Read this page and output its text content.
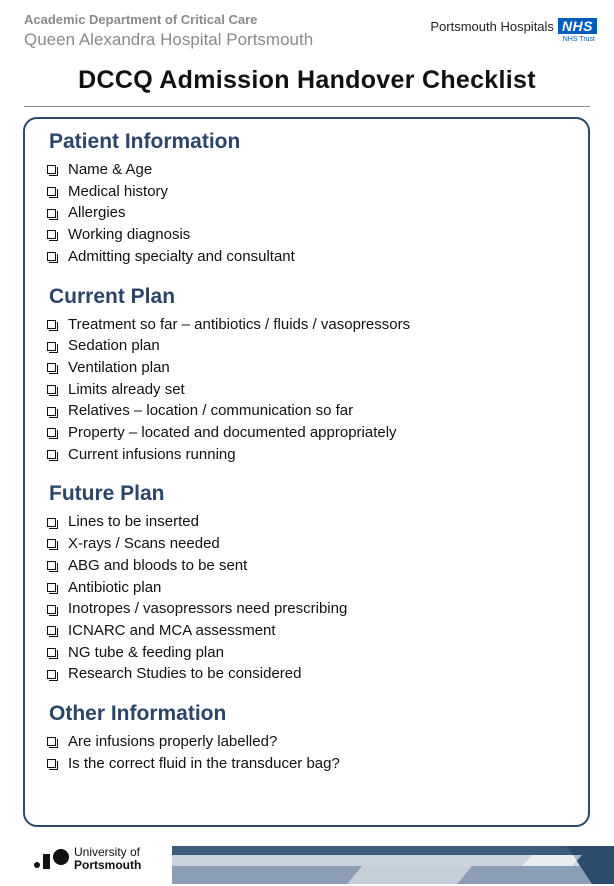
Academic Department of Critical Care
Queen Alexandra Hospital Portsmouth
Portsmouth Hospitals NHS
NHS Trust
DCCQ Admission Handover Checklist
Patient Information
Name & Age
Medical history
Allergies
Working diagnosis
Admitting specialty and consultant
Current Plan
Treatment so far – antibiotics / fluids / vasopressors
Sedation plan
Ventilation plan
Limits already set
Relatives – location / communication so far
Property – located and documented appropriately
Current infusions running
Future Plan
Lines to be inserted
X-rays / Scans needed
ABG and bloods to be sent
Antibiotic plan
Inotropes / vasopressors need prescribing
ICNARC and MCA assessment
NG tube & feeding plan
Research Studies to be considered
Other Information
Are infusions properly labelled?
Is the correct fluid in the transducer bag?
University of
Portsmouth
